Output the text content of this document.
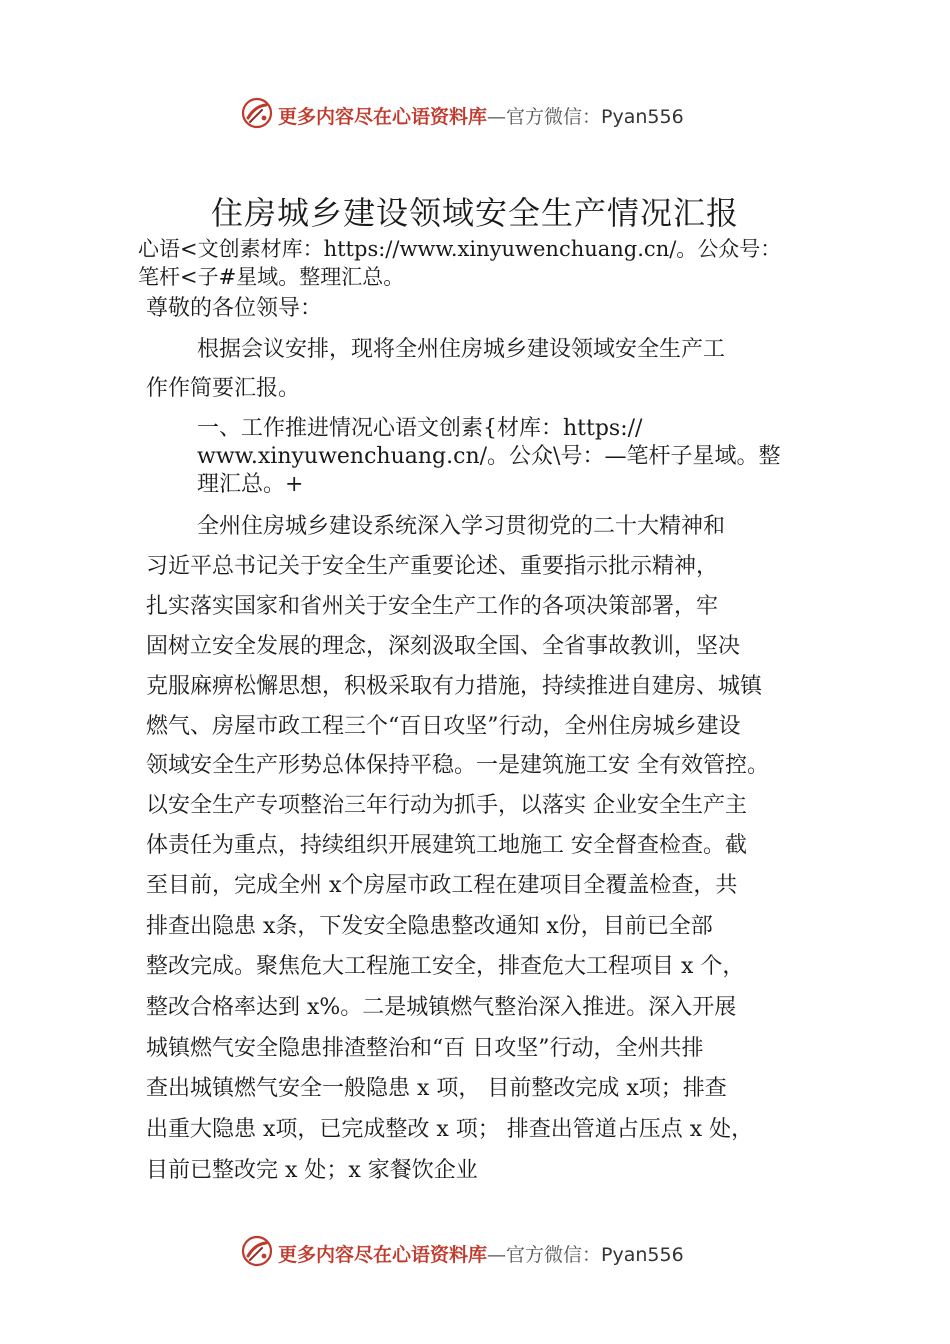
更多内容尽在心语资料库—官方微信：Pyan556
住房城乡建设领域安全生产情况汇报
心语<文创素材库：https://www.xinyuwenchuang.cn/。公众号：
笔杆<子#星域。整理汇总。
尊敬的各位领导：
根据会议安排，现将全州住房城乡建设领域安全生产工
作作简要汇报。
一、工作推进情况心语文创素{材库：https://
www.xinyuwenchuang.cn/。公众\号：—笔杆子星域。整
理汇总。+
全州住房城乡建设系统深入学习贯彻党的二十大精神和
习近平总书记关于安全生产重要论述、重要指示批示精神，
扎实落实国家和省州关于安全生产工作的各项决策部署，牢
固树立安全发展的理念，深刻汲取全国、全省事故教训，坚决
克服麻痹松懈思想，积极采取有力措施，持续推进自建房、城镇
燃气、房屋市政工程三个“百日攻坚”行动，全州住房城乡建设
领域安全生产形势总体保持平稳。一是建筑施工安 全有效管控。
以安全生产专项整治三年行动为抓手，以落实 企业安全生产主
体责任为重点，持续组织开展建筑工地施工 安全督查检查。截
至目前，完成全州 x个房屋市政工程在建项目全覆盖检查，共
排查出隐患 x条，下发安全隐患整改通知 x份，目前已全部
整改完成。聚焦危大工程施工安全，排查危大工程项目 x 个，
整改合格率达到 x%。二是城镇燃气整治深入推进。深入开展
城镇燃气安全隐患排渣整治和“百 日攻坚”行动，全州共排
查出城镇燃气安全一般隐患 x 项， 目前整改完成 x项；排查
出重大隐患 x项，已完成整改 x 项； 排查出管道占压点 x 处，
目前已整改完 x 处；x 家餐饮企业
更多内容尽在心语资料库—官方微信：Pyan556
